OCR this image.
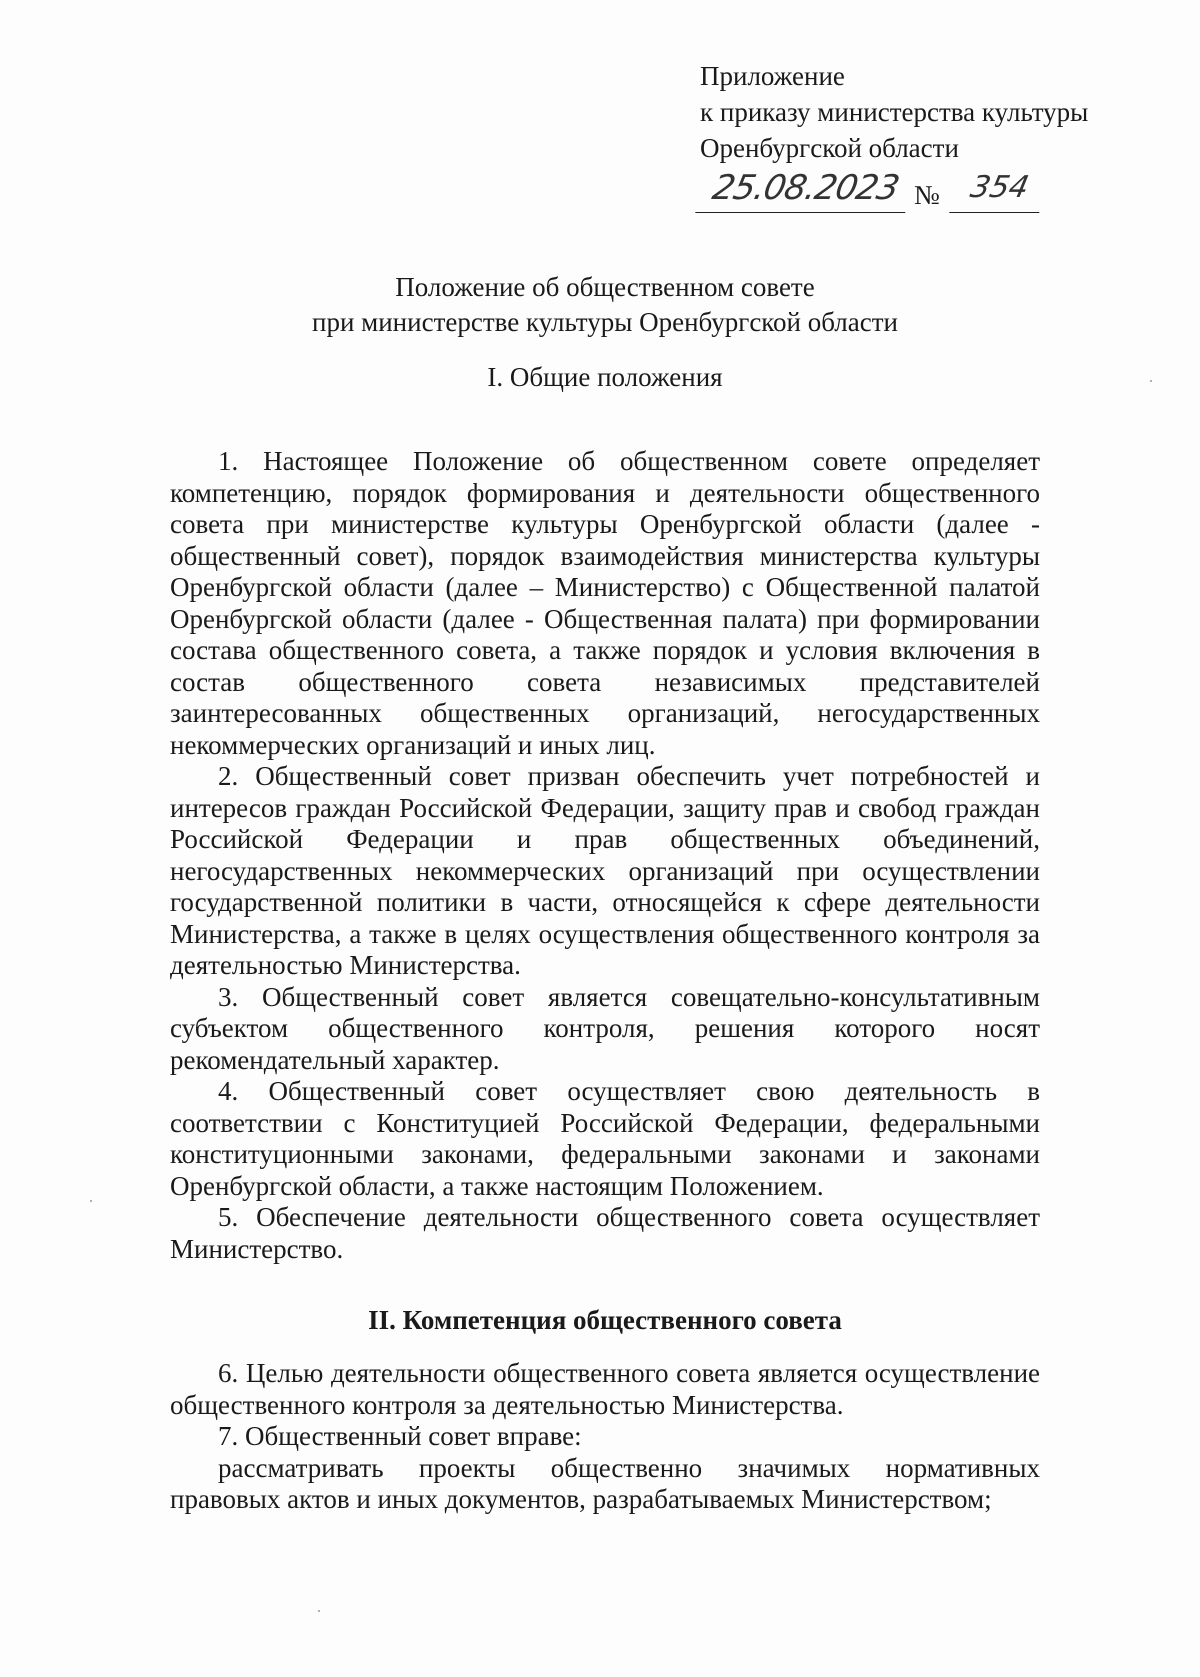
Приложение
к приказу министерства культуры
Оренбургской области
25.08.2023 № 354
Положение об общественном совете
при министерстве культуры Оренбургской области
I. Общие положения

1. Настоящее Положение об общественном совете определяет компетенцию, порядок формирования и деятельности общественного совета при министерстве культуры Оренбургской области (далее - общественный совет), порядок взаимодействия министерства культуры Оренбургской области (далее – Министерство) с Общественной палатой Оренбургской области (далее - Общественная палата) при формировании состава общественного совета, а также порядок и условия включения в состав общественного совета независимых представителей заинтересованных общественных организаций, негосударственных некоммерческих организаций и иных лиц.

2. Общественный совет призван обеспечить учет потребностей и интересов граждан Российской Федерации, защиту прав и свобод граждан Российской Федерации и прав общественных объединений, негосударственных некоммерческих организаций при осуществлении государственной политики в части, относящейся к сфере деятельности Министерства, а также в целях осуществления общественного контроля за деятельностью Министерства.

3. Общественный совет является совещательно-консультативным субъектом общественного контроля, решения которого носят рекомендательный характер.

4. Общественный совет осуществляет свою деятельность в соответствии с Конституцией Российской Федерации, федеральными конституционными законами, федеральными законами и законами Оренбургской области, а также настоящим Положением.

5. Обеспечение деятельности общественного совета осуществляет Министерство.

II. Компетенция общественного совета

6. Целью деятельности общественного совета является осуществление общественного контроля за деятельностью Министерства.

7. Общественный совет вправе:

рассматривать проекты общественно значимых нормативных правовых актов и иных документов, разрабатываемых Министерством;
